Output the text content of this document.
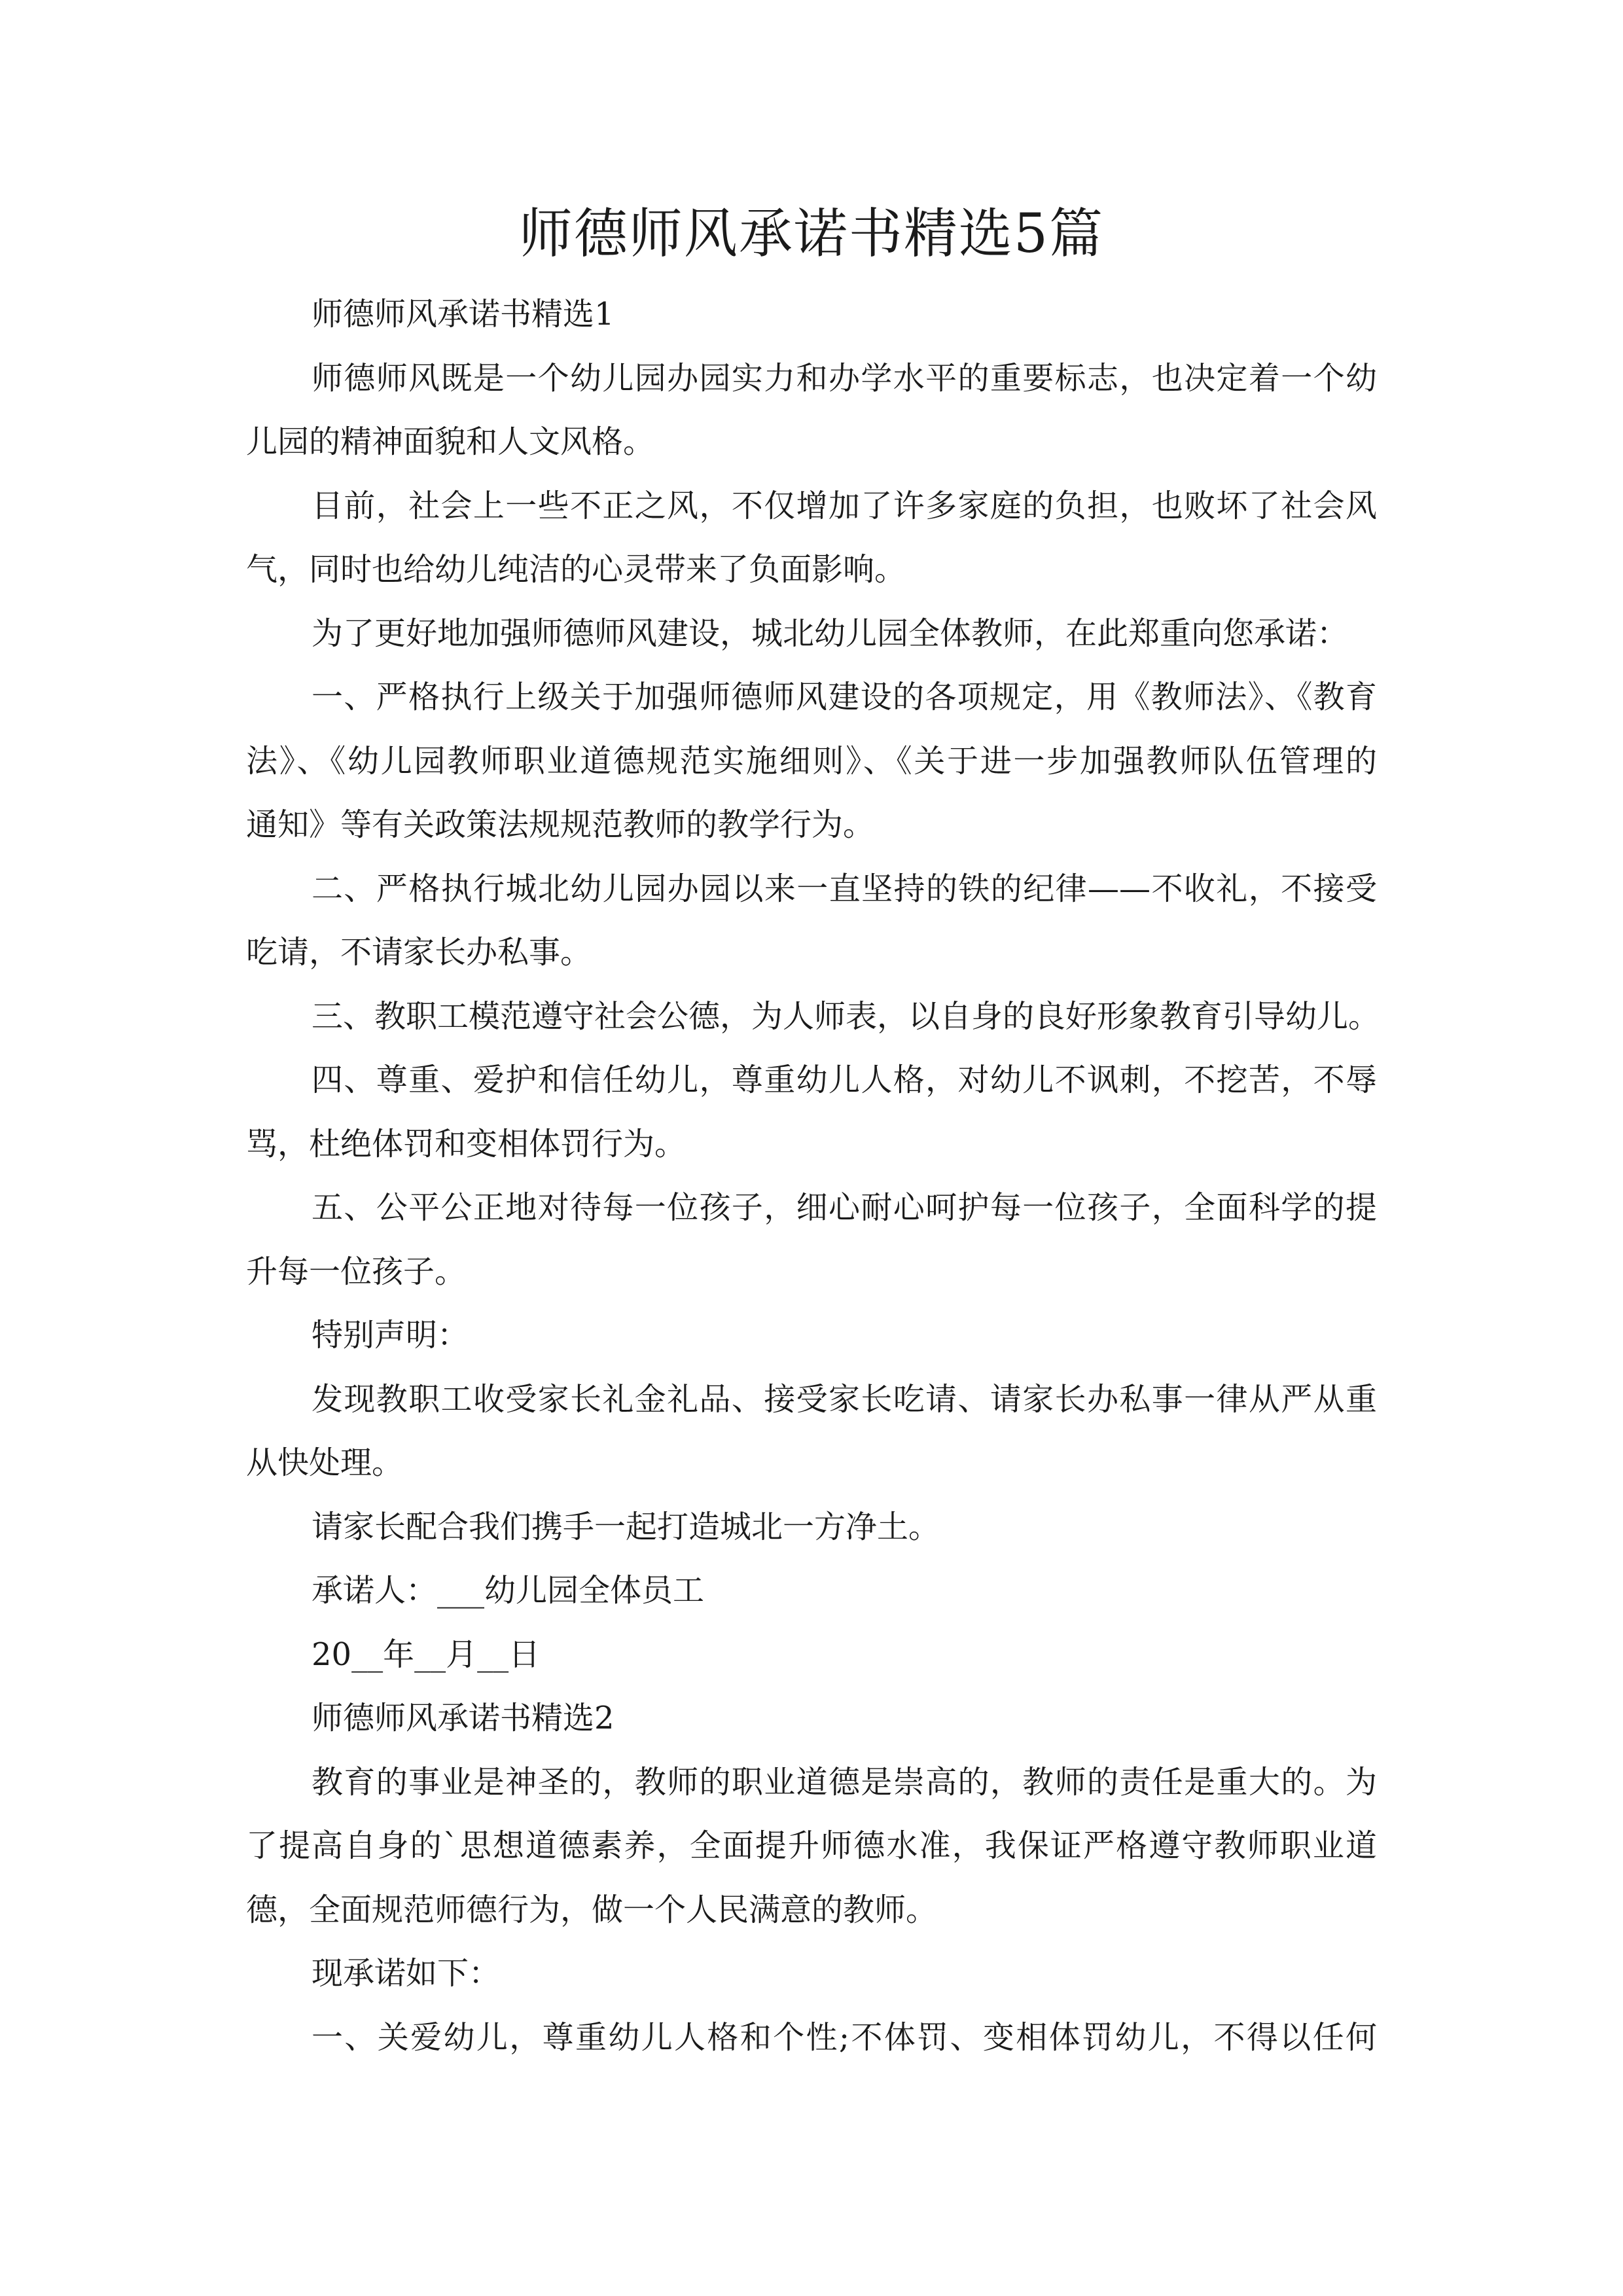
师德师风承诺书精选5篇
师德师风承诺书精选1
师德师风既是一个幼儿园办园实力和办学水平的重要标志，也决定着一个幼
儿园的精神面貌和人文风格。
目前，社会上一些不正之风，不仅增加了许多家庭的负担，也败坏了社会风
气，同时也给幼儿纯洁的心灵带来了负面影响。
为了更好地加强师德师风建设，城北幼儿园全体教师，在此郑重向您承诺：
一、严格执行上级关于加强师德师风建设的各项规定，用《教师法》、《教育
法》、《幼儿园教师职业道德规范实施细则》、《关于进一步加强教师队伍管理的
通知》等有关政策法规规范教师的教学行为。
二、严格执行城北幼儿园办园以来一直坚持的铁的纪律——不收礼，不接受
吃请，不请家长办私事。
三、教职工模范遵守社会公德，为人师表，以自身的良好形象教育引导幼儿。
四、尊重、爱护和信任幼儿，尊重幼儿人格，对幼儿不讽刺，不挖苦，不辱
骂，杜绝体罚和变相体罚行为。
五、公平公正地对待每一位孩子，细心耐心呵护每一位孩子，全面科学的提
升每一位孩子。
特别声明：
发现教职工收受家长礼金礼品、接受家长吃请、请家长办私事一律从严从重
从快处理。
请家长配合我们携手一起打造城北一方净土。
承诺人：___幼儿园全体员工
20__年__月__日
师德师风承诺书精选2
教育的事业是神圣的，教师的职业道德是崇高的，教师的责任是重大的。为
了提高自身的`思想道德素养，全面提升师德水准，我保证严格遵守教师职业道
德，全面规范师德行为，做一个人民满意的教师。
现承诺如下：
一、关爱幼儿，尊重幼儿人格和个性;不体罚、变相体罚幼儿，不得以任何
